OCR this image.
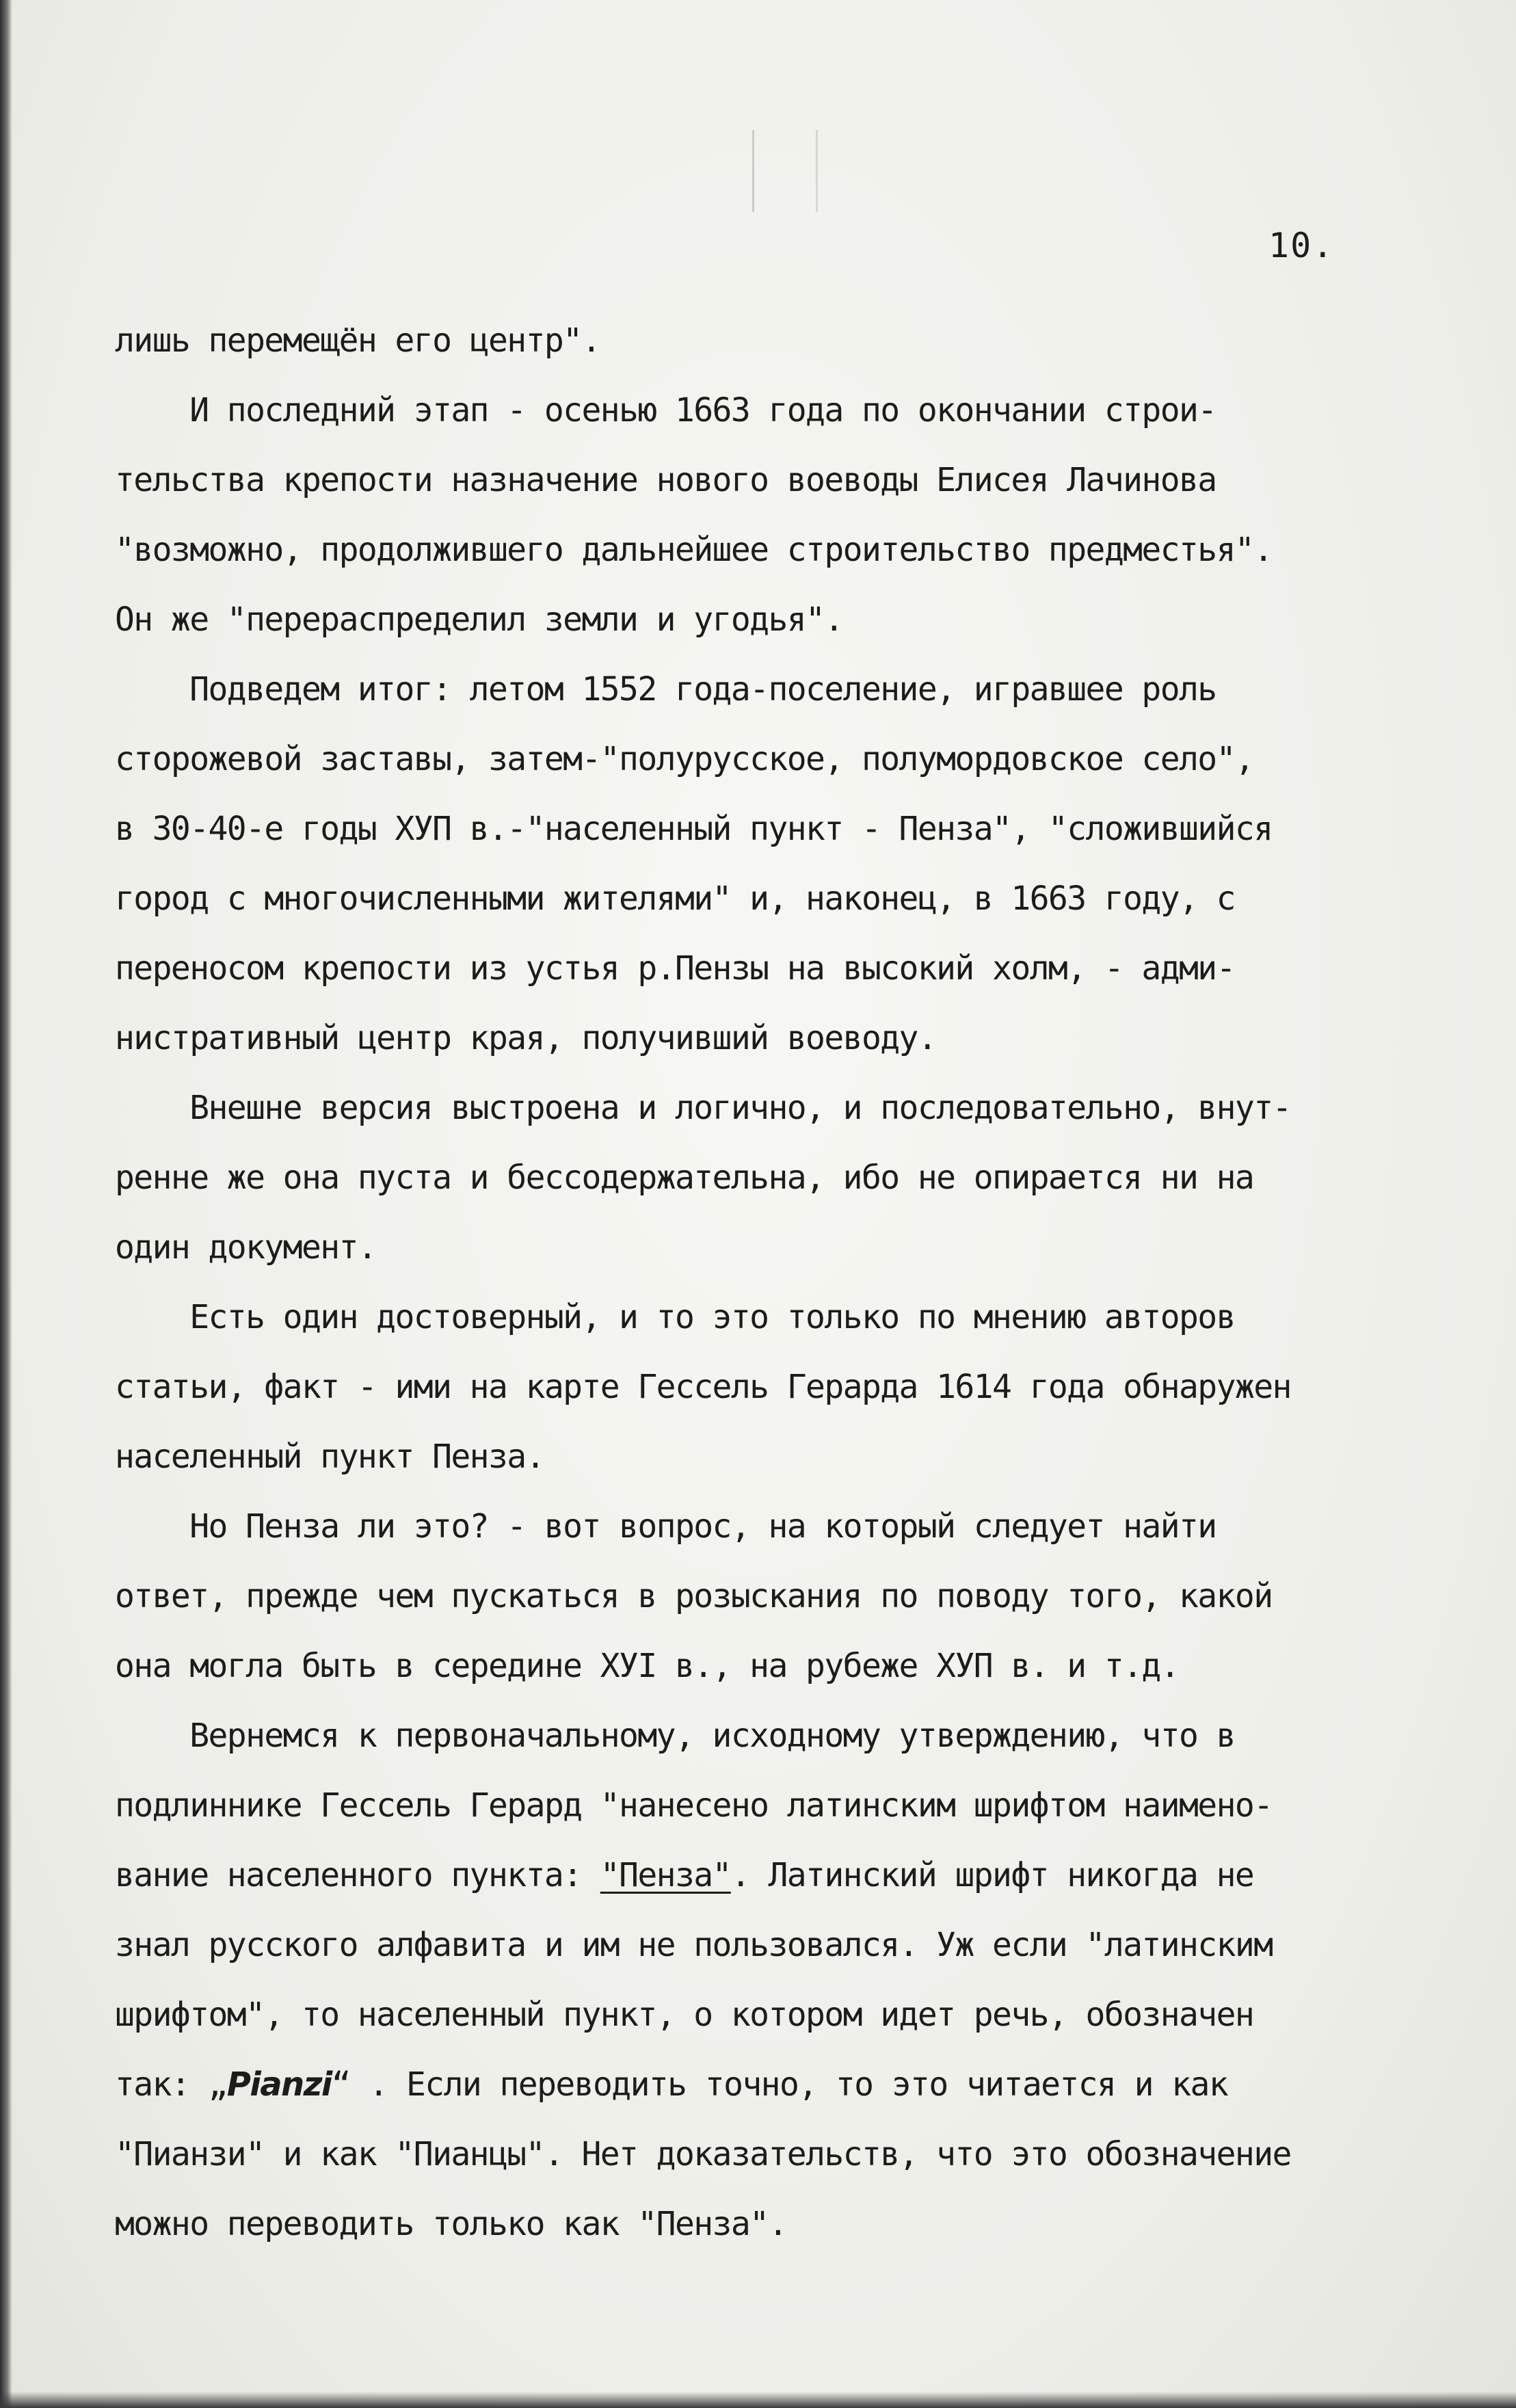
10.
лишь перемещён его центр".
И последний этап - осенью 1663 года по окончании строи-
тельства крепости назначение нового воеводы Елисея Лачинова
"возможно, продолжившего дальнейшее строительство предместья".
Он же "перераспределил земли и угодья".
Подведем итог: летом 1552 года-поселение, игравшее роль
сторожевой заставы, затем-"полурусское, полумордовское село",
в 30-40-е годы ХУП в.-"населенный пункт - Пенза", "сложившийся
город с многочисленными жителями" и, наконец, в 1663 году, с
переносом крепости из устья р.Пензы на высокий холм, - адми-
нистративный центр края, получивший воеводу.
Внешне версия выстроена и логично, и последовательно, внут-
ренне же она пуста и бессодержательна, ибо не опирается ни на
один документ.
Есть один достоверный, и то это только по мнению авторов
статьи, факт - ими на карте Гессель Герарда 1614 года обнаружен
населенный пункт Пенза.
Но Пенза ли это? - вот вопрос, на который следует найти
ответ, прежде чем пускаться в розыскания по поводу того, какой
она могла быть в середине ХУI в., на рубеже ХУП в. и т.д.
Вернемся к первоначальному, исходному утверждению, что в
подлиннике Гессель Герард "нанесено латинским шрифтом наимено-
вание населенного пункта: "Пенза". Латинский шрифт никогда не
знал русского алфавита и им не пользовался. Уж если "латинским
шрифтом", то населенный пункт, о котором идет речь, обозначен
так: „Pianzi“ . Если переводить точно, то это читается и как
"Пианзи" и как "Пианцы". Нет доказательств, что это обозначение
можно переводить только как "Пенза".
